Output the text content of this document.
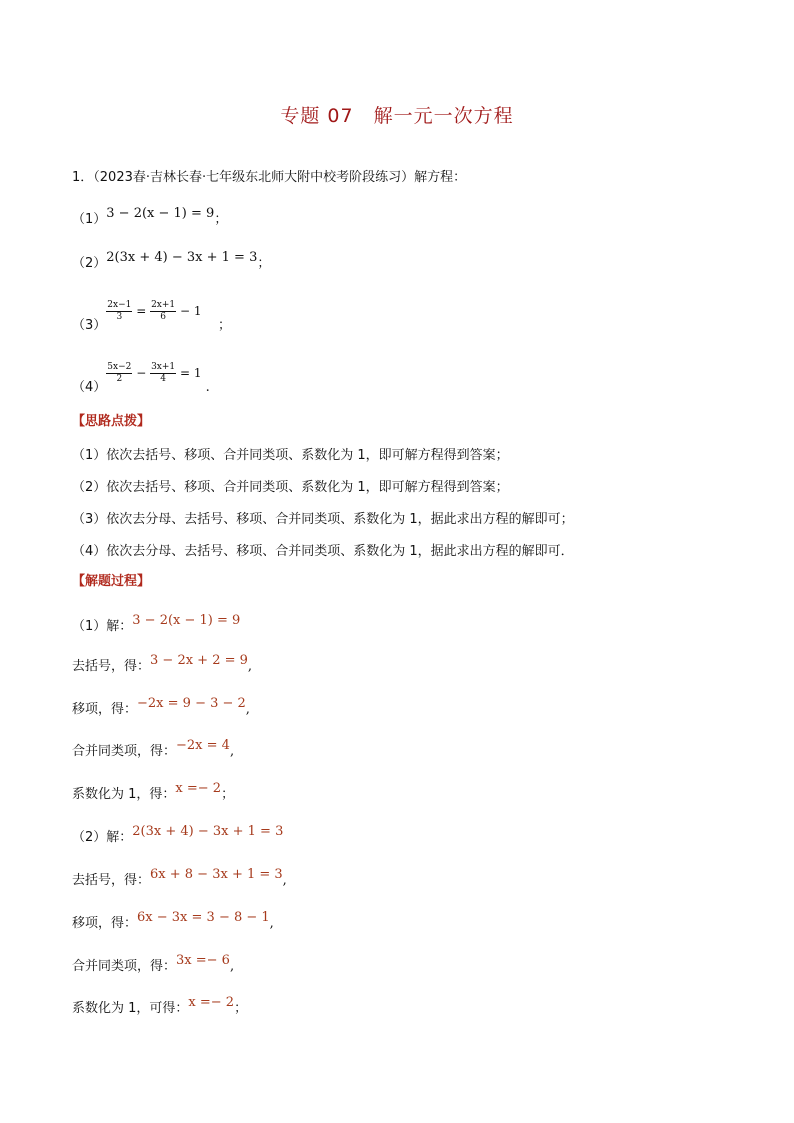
专题 07　解一元一次方程
1．（2023春·吉林长春·七年级东北师大附中校考阶段练习）解方程：
（1）3 − 2(x − 1) = 9；
（2）2(3x + 4) − 3x + 1 = 3；
（3）
$\frac{2x-1}{3} = \frac{2x+1}{6} - 1$    ；
（4）
$\frac{5x-2}{2} - \frac{3x+1}{4} = 1$ .
【思路点拨】
（1）依次去括号、移项、合并同类项、系数化为 1，即可解方程得到答案；
（2）依次去括号、移项、合并同类项、系数化为 1，即可解方程得到答案；
（3）依次去分母、去括号、移项、合并同类项、系数化为 1，据此求出方程的解即可；
（4）依次去分母、去括号、移项、合并同类项、系数化为 1，据此求出方程的解即可．
【解题过程】
（1）解：3 − 2(x − 1) = 9
去括号，得：3 − 2x + 2 = 9,
移项，得：−2x = 9 − 3 − 2,
合并同类项，得：−2x = 4,
系数化为 1，得：x =− 2；
（2）解：2(3x + 4) − 3x + 1 = 3
去括号，得：6x + 8 − 3x + 1 = 3,
移项，得：6x − 3x = 3 − 8 − 1,
合并同类项，得：3x =− 6,
系数化为 1，可得：x =− 2；
